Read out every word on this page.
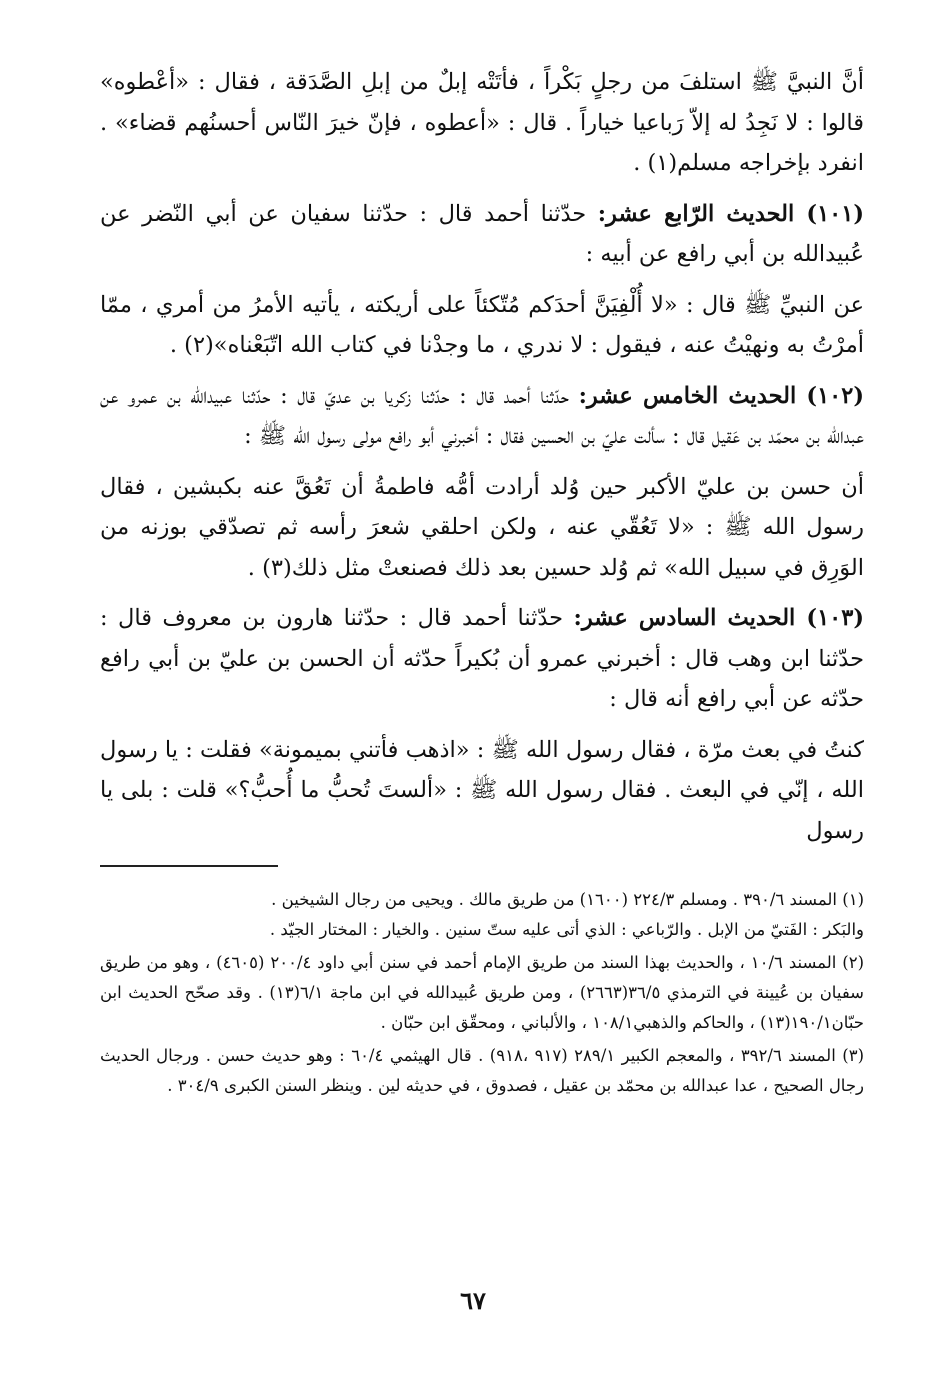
أنَّ النبيَّ ﷺ استلفَ من رجلٍ بَكْراً ، فأتَتْه إبلٌ من إبلِ الصَّدَقة ، فقال : «أعْطوه» قالوا : لا نَجِدُ له إلاّ رَباعيا خياراً . قال : «أعطوه ، فإنّ خيرَ النّاس أحسنُهم قضاء» . انفرد بإخراجه مسلم(١) .

(١٠١) الحديث الرّابع عشر: حدّثنا أحمد قال : حدّثنا سفيان عن أبي النّضر عن عُبيدالله بن أبي رافع عن أبيه :

عن النبيِّ ﷺ قال : «لا أُلْفِيَنَّ أحدَكم مُتّكئاً على أريكته ، يأتيه الأمرُ من أمري ، ممّا أمرْتُ به ونهيْتُ عنه ، فيقول : لا ندري ، ما وجدْنا في كتاب الله اتّبَعْناه»(٢) .

(١٠٢) الحديث الخامس عشر: حدّثنا أحمد قال : حدّثنا زكريا بن عديّ قال : حدّثنا عبيدالله بن عمرو عن عبدالله بن محمّد بن عَقيل قال : سألت عليّ بن الحسين فقال : أخبرني أبو رافع مولى رسول الله ﷺ :

أن حسن بن عليّ الأكبر حين وُلد أرادت أمُّه فاطمةُ أن تَعُقَّ عنه بكبشين ، فقال رسول الله ﷺ : «لا تَعُقّي عنه ، ولكن احلقي شعرَ رأسه ثم تصدّقي بوزنه من الوَرِق في سبيل الله» ثم وُلد حسين بعد ذلك فصنعتْ مثل ذلك(٣) .

(١٠٣) الحديث السادس عشر: حدّثنا أحمد قال : حدّثنا هارون بن معروف قال : حدّثنا ابن وهب قال : أخبرني عمرو أن بُكيراً حدّثه أن الحسن بن عليّ بن أبي رافع حدّثه عن أبي رافع أنه قال :

كنتُ في بعث مرّة ، فقال رسول الله ﷺ : «اذهب فأتني بميمونة» فقلت : يا رسول الله ، إنّي في البعث . فقال رسول الله ﷺ : «ألستَ تُحبُّ ما أُحبُّ؟» قلت : بلى يا رسول

(١) المسند ٣٩٠/٦ . ومسلم ٢٢٤/٣ (١٦٠٠) من طريق مالك . ويحيى من رجال الشيخين .

والبَكر : الفَتيّ من الإبل . والرّباعي : الذي أتى عليه ستّ سنين . والخيار : المختار الجيّد .

(٢) المسند ١٠/٦ ، والحديث بهذا السند من طريق الإمام أحمد في سنن أبي داود ٢٠٠/٤ (٤٦٠٥) ، وهو من طريق سفيان بن عُيينة في الترمذي ٣٦/٥(٢٦٦٣) ، ومن طريق عُبيدالله في ابن ماجة ٦/١(١٣) . وقد صحّح الحديث ابن حبّان١٩٠/١(١٣) ، والحاكم والذهبي١٠٨/١ ، والألباني ، ومحقّق ابن حبّان .

(٣) المسند ٣٩٢/٦ ، والمعجم الكبير ٢٨٩/١ (٩١٧ ،٩١٨) . قال الهيثمي ٦٠/٤ : وهو حديث حسن . ورجال الحديث رجال الصحيح ، عدا عبدالله بن محمّد بن عقيل ، فصدوق ، في حديثه لين . وينظر السنن الكبرى ٣٠٤/٩ .

٦٧
